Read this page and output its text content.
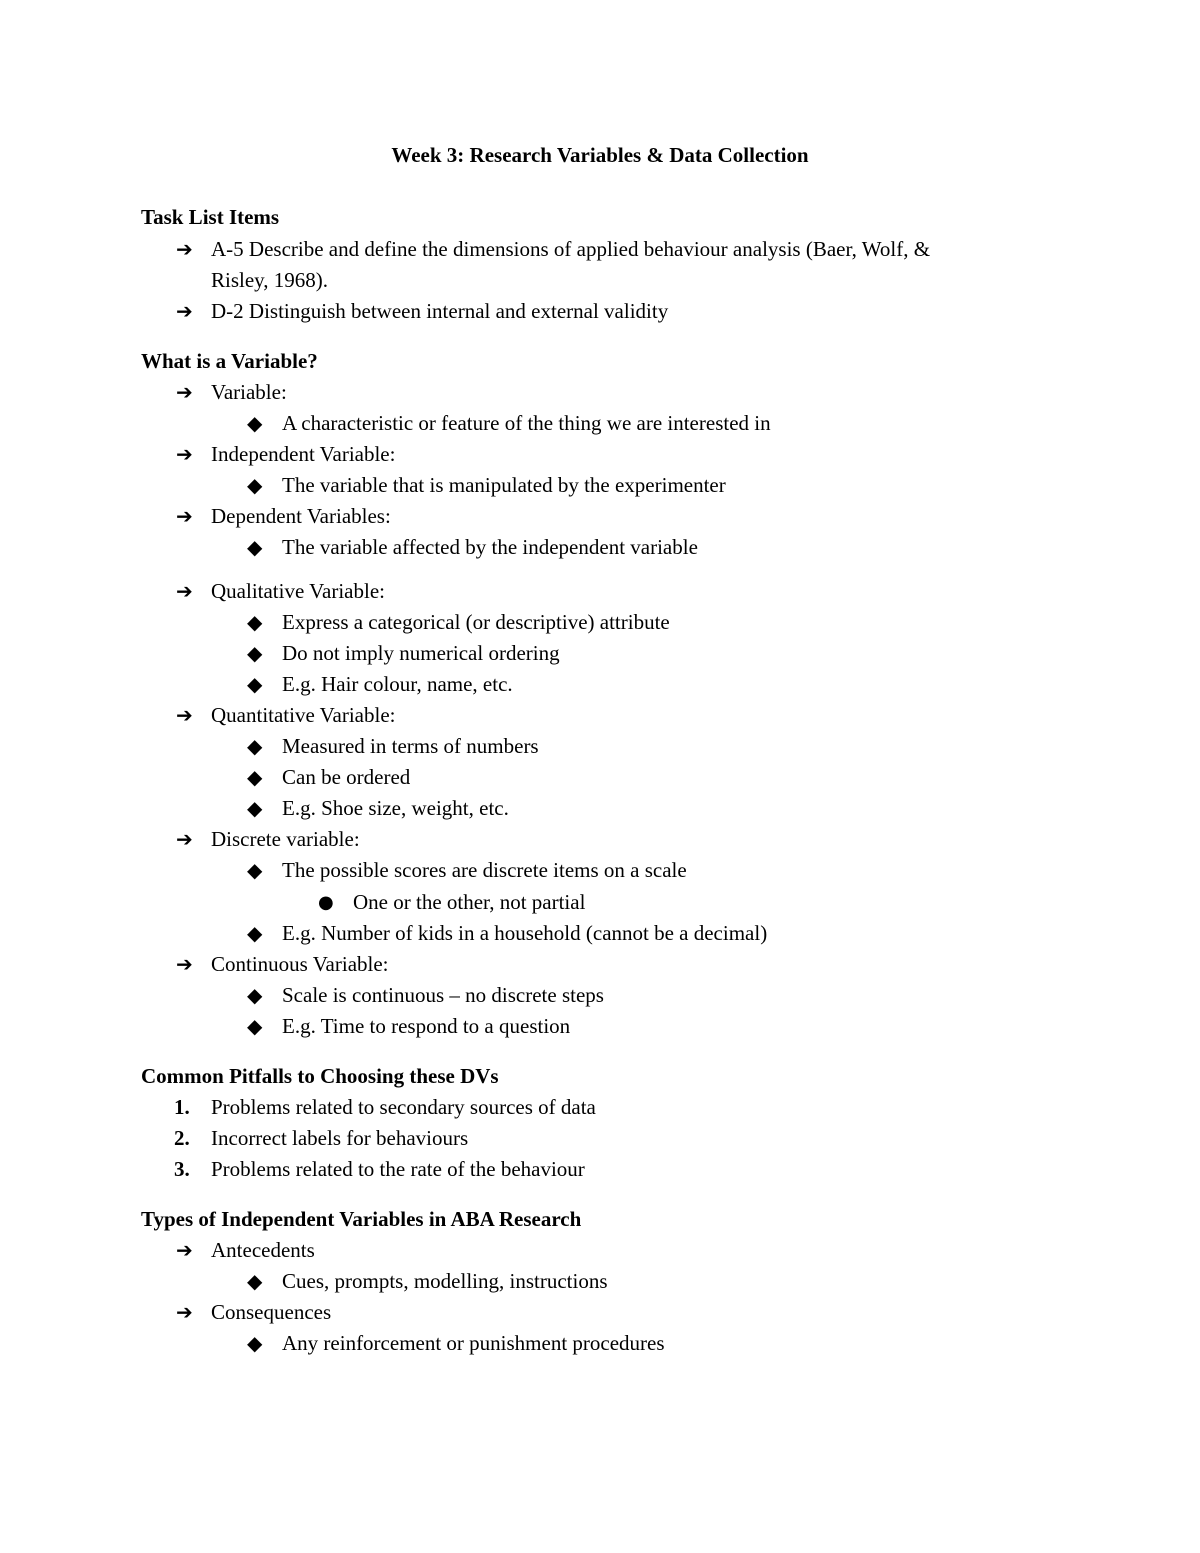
Week 3: Research Variables & Data Collection
Task List Items
➔ A-5 Describe and define the dimensions of applied behaviour analysis (Baer, Wolf, &
Risley, 1968).
➔ D-2 Distinguish between internal and external validity
What is a Variable?
➔ Variable:
◆ A characteristic or feature of the thing we are interested in
➔ Independent Variable:
◆ The variable that is manipulated by the experimenter
➔ Dependent Variables:
◆ The variable affected by the independent variable
➔ Qualitative Variable:
◆ Express a categorical (or descriptive) attribute
◆ Do not imply numerical ordering
◆ E.g. Hair colour, name, etc.
➔ Quantitative Variable:
◆ Measured in terms of numbers
◆ Can be ordered
◆ E.g. Shoe size, weight, etc.
➔ Discrete variable:
◆ The possible scores are discrete items on a scale
● One or the other, not partial
◆ E.g. Number of kids in a household (cannot be a decimal)
➔ Continuous Variable:
◆ Scale is continuous – no discrete steps
◆ E.g. Time to respond to a question
Common Pitfalls to Choosing these DVs
1.	Problems related to secondary sources of data
2.	Incorrect labels for behaviours
3.	Problems related to the rate of the behaviour
Types of Independent Variables in ABA Research
➔ Antecedents
◆ Cues, prompts, modelling, instructions
➔ Consequences
◆ Any reinforcement or punishment procedures
